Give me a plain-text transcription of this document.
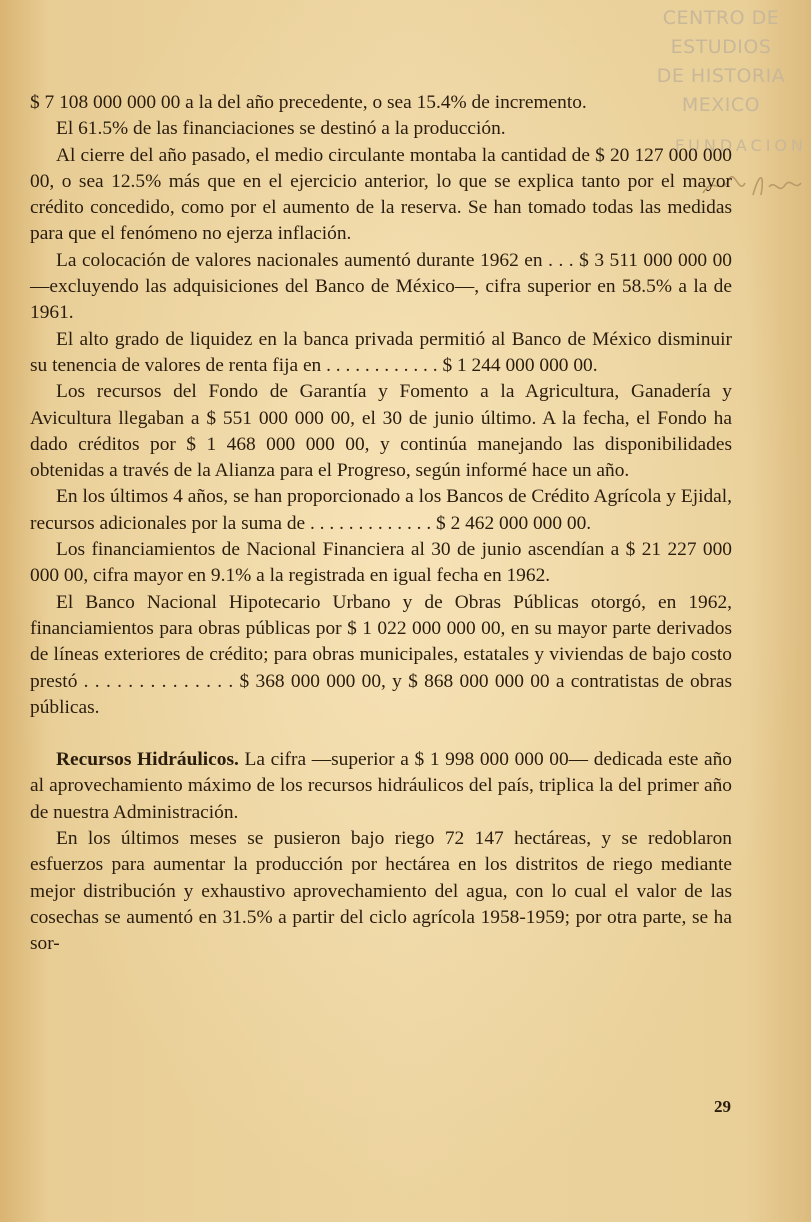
CENTRO DE
ESTUDIOS
DE HISTORIA
MEXICO
FUNDACION

$ 7 108 000 000 00 a la del año precedente, o sea 15.4% de incremento.

El 61.5% de las financiaciones se destinó a la producción.

Al cierre del año pasado, el medio circulante montaba la cantidad de $ 20 127 000 000 00, o sea 12.5% más que en el ejercicio anterior, lo que se explica tanto por el mayor crédito concedido, como por el aumento de la reserva. Se han tomado todas las medidas para que el fenómeno no ejerza inflación.

La colocación de valores nacionales aumentó durante 1962 en . . . $ 3 511 000 000 00 —excluyendo las adquisiciones del Banco de México—, cifra superior en 58.5% a la de 1961.

El alto grado de liquidez en la banca privada permitió al Banco de México disminuir su tenencia de valores de renta fija en . . . . . . . . . . . . $ 1 244 000 000 00.

Los recursos del Fondo de Garantía y Fomento a la Agricultura, Ganadería y Avicultura llegaban a $ 551 000 000 00, el 30 de junio último. A la fecha, el Fondo ha dado créditos por $ 1 468 000 000 00, y continúa manejando las disponibilidades obtenidas a través de la Alianza para el Progreso, según informé hace un año.

En los últimos 4 años, se han proporcionado a los Bancos de Crédito Agrícola y Ejidal, recursos adicionales por la suma de . . . . . . . . . . . . . $ 2 462 000 000 00.

Los financiamientos de Nacional Financiera al 30 de junio ascendían a $ 21 227 000 000 00, cifra mayor en 9.1% a la registrada en igual fecha en 1962.

El Banco Nacional Hipotecario Urbano y de Obras Públicas otorgó, en 1962, financiamientos para obras públicas por $ 1 022 000 000 00, en su mayor parte derivados de líneas exteriores de crédito; para obras municipales, estatales y viviendas de bajo costo prestó . . . . . . . . . . . . . . $ 368 000 000 00, y $ 868 000 000 00 a contratistas de obras públicas.

Recursos Hidráulicos. La cifra —superior a $ 1 998 000 000 00— dedicada este año al aprovechamiento máximo de los recursos hidráulicos del país, triplica la del primer año de nuestra Administración.

En los últimos meses se pusieron bajo riego 72 147 hectáreas, y se redoblaron esfuerzos para aumentar la producción por hectárea en los distritos de riego mediante mejor distribución y exhaustivo aprovechamiento del agua, con lo cual el valor de las cosechas se aumentó en 31.5% a partir del ciclo agrícola 1958-1959; por otra parte, se ha sor-

29
